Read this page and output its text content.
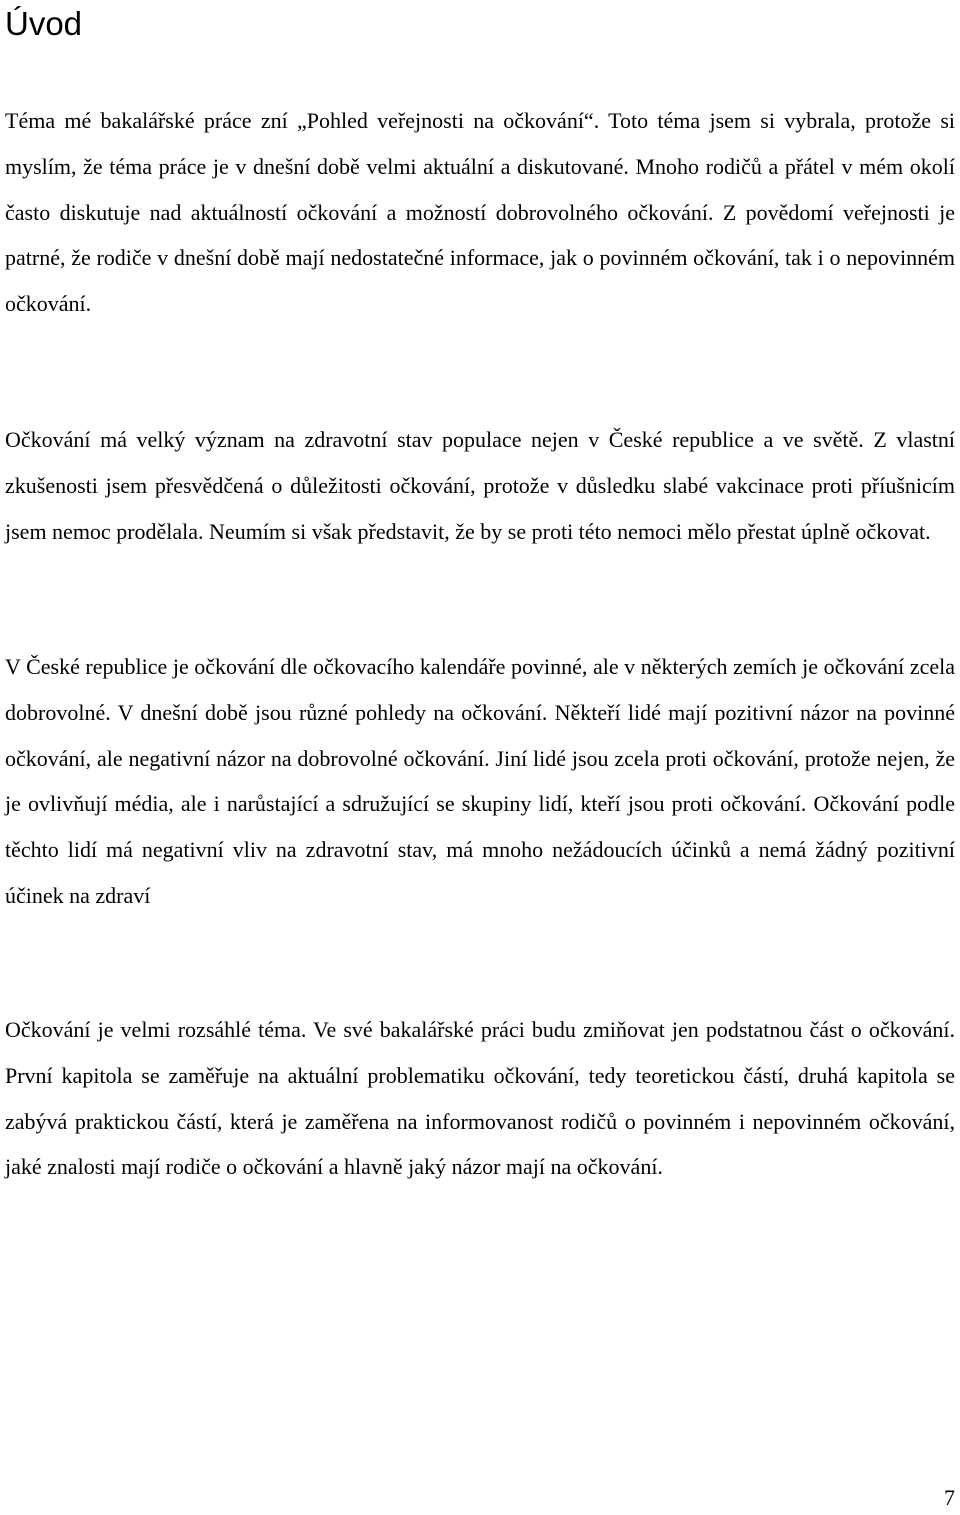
Úvod

Téma mé bakalářské práce zní „Pohled veřejnosti na očkování“. Toto téma jsem si vybrala, protože si myslím, že téma práce je v dnešní době velmi aktuální a diskutované. Mnoho rodičů a přátel v mém okolí často diskutuje nad aktuálností očkování a možností dobrovolného očkování. Z povědomí veřejnosti je patrné, že rodiče v dnešní době mají nedostatečné informace, jak o povinném očkování, tak i o nepovinném očkování.

Očkování má velký význam na zdravotní stav populace nejen v České republice a ve světě. Z vlastní zkušenosti jsem přesvědčená o důležitosti očkování, protože v důsledku slabé vakcinace proti příušnicím jsem nemoc prodělala. Neumím si však představit, že by se proti této nemoci mělo přestat úplně očkovat.

V České republice je očkování dle očkovacího kalendáře povinné, ale v některých zemích je očkování zcela dobrovolné. V dnešní době jsou různé pohledy na očkování. Někteří lidé mají pozitivní názor na povinné očkování, ale negativní názor na dobrovolné očkování. Jiní lidé jsou zcela proti očkování, protože nejen, že je ovlivňují média, ale i narůstající a sdružující se skupiny lidí, kteří jsou proti očkování. Očkování podle těchto lidí má negativní vliv na zdravotní stav, má mnoho nežádoucích účinků a nemá žádný pozitivní účinek na zdraví

Očkování je velmi rozsáhlé téma. Ve své bakalářské práci budu zmiňovat jen podstatnou část o očkování. První kapitola se zaměřuje na aktuální problematiku očkování, tedy teoretickou částí, druhá kapitola se zabývá praktickou částí, která je zaměřena na informovanost rodičů o povinném i nepovinném očkování, jaké znalosti mají rodiče o očkování a hlavně jaký názor mají na očkování.

7
